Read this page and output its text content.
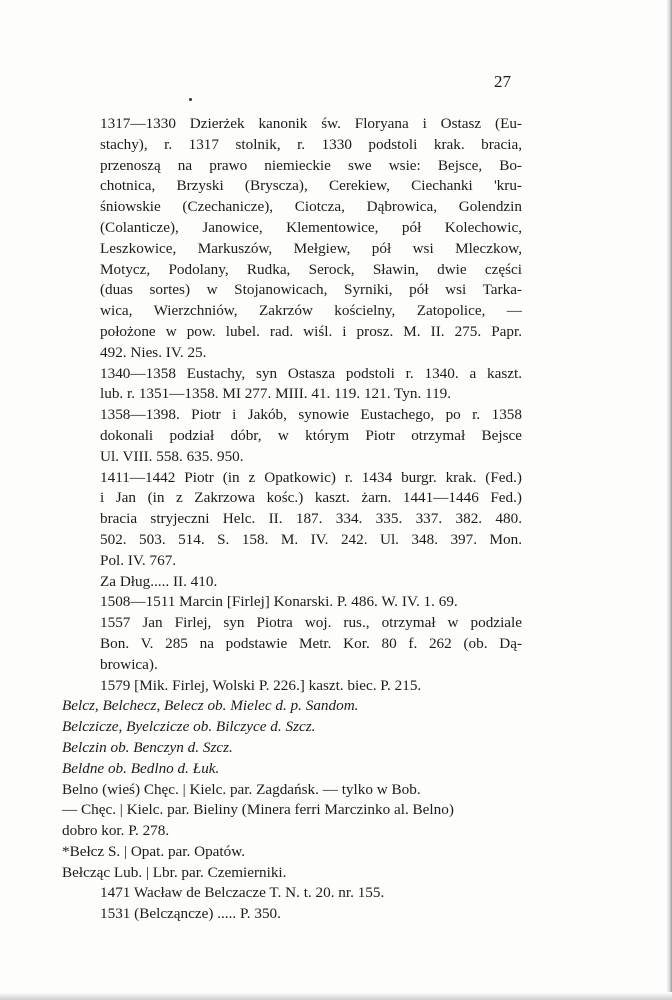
27
1317—1330 Dzierżek kanonik św. Floryana i Ostasz (Eu-
stachy), r. 1317 stolnik, r. 1330 podstoli krak. bracia,
przenoszą na prawo niemieckie swe wsie: Bejsce, Bo-
chotnica, Brzyski (Bryscza), Cerekiew, Ciechanki 'kru-
śniowskie (Czechanicze), Ciotcza, Dąbrowica, Golendzin
(Colanticze), Janowice, Klementowice, pół Kolechowic,
Leszkowice, Markuszów, Mełgiew, pół wsi Mleczkow,
Motycz, Podolany, Rudka, Serock, Sławin, dwie części
(duas sortes) w Stojanowicach, Syrniki, pół wsi Tarka-
wica, Wierzchniów, Zakrzów kościelny, Zatopolice, —
położone w pow. lubel. rad. wiśl. i prosz. M. II. 275. Papr.
492. Nies. IV. 25.
1340—1358 Eustachy, syn Ostasza podstoli r. 1340. a kaszt.
lub. r. 1351—1358. MI 277. MIII. 41. 119. 121. Tyn. 119.
1358—1398. Piotr i Jakób, synowie Eustachego, po r. 1358
dokonali podział dóbr, w którym Piotr otrzymał Bejsce
Ul. VIII. 558. 635. 950.
1411—1442 Piotr (in z Opatkowic) r. 1434 burgr. krak. (Fed.)
i Jan (in z Zakrzowa kośc.) kaszt. żarn. 1441—1446 Fed.)
bracia stryjeczni Helc. II. 187. 334. 335. 337. 382. 480.
502. 503. 514. S. 158. M. IV. 242. Ul. 348. 397. Mon.
Pol. IV. 767.
Za Dług..... II. 410.
1508—1511 Marcin [Firlej] Konarski. P. 486. W. IV. 1. 69.
1557 Jan Firlej, syn Piotra woj. rus., otrzymał w podziale
Bon. V. 285 na podstawie Metr. Kor. 80 f. 262 (ob. Dą-
browica).
1579 [Mik. Firlej, Wolski P. 226.] kaszt. biec. P. 215.
Belcz, Belchecz, Belecz ob. Mielec d. p. Sandom.
Belczicze, Byelczicze ob. Bilczyce d. Szcz.
Belczin ob. Benczyn d. Szcz.
Beldne ob. Bedlno d. Łuk.
Belno (wieś) Chęc. | Kielc. par. Zagdańsk. — tylko w Bob.
— Chęc. | Kielc. par. Bieliny (Minera ferri Marczinko al. Belno)
dobro kor. P. 278.
*Bełcz S. | Opat. par. Opatów.
Bełcząc Lub. | Lbr. par. Czemierniki.
1471 Wacław de Belczacze T. N. t. 20. nr. 155.
1531 (Belcząncze) ..... P. 350.
